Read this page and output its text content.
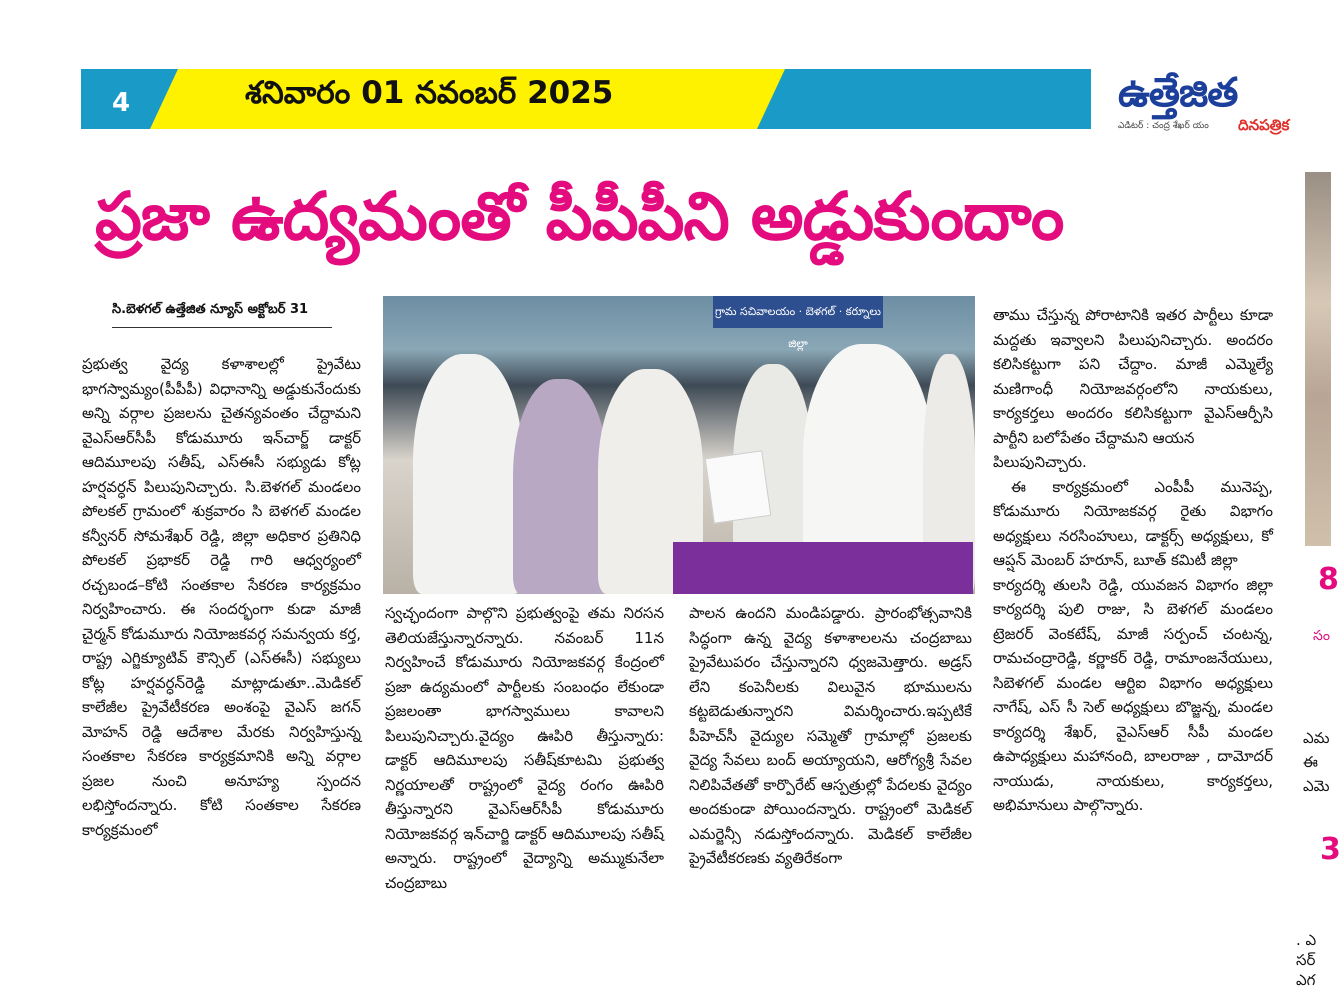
4	శనివారం 01 నవంబర్ 2025	ఉత్తేజిత
ఎడిటర్ : చంద్ర శేఖర్ యం దినపత్రిక
8
సం
ఎమ
ఈ
ఎమె
3
. ఎ
సర్
ఎగ
ప్రజా ఉద్యమంతో పీపీపీని అడ్డుకుందాం
సి.బెళగల్ ఉత్తేజిత న్యూస్ అక్టోబర్ 31	గ్రామ సచివాలయం · బెళగల్ · కర్నూలు జిల్లా

ప్రభుత్వ వైద్య కళాశాలల్లో ప్రైవేటు భాగస్వామ్యం(పీపీపీ) విధానాన్ని అడ్డుకునేందుకు అన్ని వర్గాల ప్రజలను చైతన్యవంతం చేద్దామని వైఎస్ఆర్‌సీపీ కోడుమూరు ఇన్‌చార్జ్ డాక్టర్ ఆదిమూలపు సతీష్, ఎస్ఈసీ సభ్యుడు కోట్ల హర్షవర్ధన్ పిలుపునిచ్చారు. సి.బెళగల్ మండలం పోలకల్ గ్రామంలో శుక్రవారం సి బెళగల్ మండల కన్వీనర్ సోమశేఖర్ రెడ్డి, జిల్లా అధికార ప్రతినిధి పోలకల్ ప్రభాకర్ రెడ్డి గారి ఆధ్వర్యంలో రచ్చబండ–కోటి సంతకాల సేకరణ కార్యక్రమం నిర్వహించారు. ఈ సందర్భంగా కుడా మాజీ చైర్మన్ కోడుమూరు నియోజకవర్గ సమన్వయ కర్త, రాష్ట్ర ఎగ్జిక్యూటివ్ కౌన్సిల్ (ఎస్ఈసీ) సభ్యులు కోట్ల హర్షవర్ధన్‌రెడ్డి మాట్లాడుతూ..మెడికల్ కాలేజీల ప్రైవేటీకరణ అంశంపై వైఎస్ జగన్ మోహన్ రెడ్డి ఆదేశాల మేరకు నిర్వహిస్తున్న సంతకాల సేకరణ కార్యక్రమానికి అన్ని వర్గాల ప్రజల నుంచి అనూహ్య స్పందన లభిస్తోందన్నారు. కోటి సంతకాల సేకరణ కార్యక్రమంలో

స్వచ్ఛందంగా పాల్గొని ప్రభుత్వంపై తమ నిరసన తెలియజేస్తున్నారన్నారు. నవంబర్ 11న నిర్వహించే కోడుమూరు నియోజకవర్గ కేంద్రంలో ప్రజా ఉద్యమంలో పార్టీలకు సంబంధం లేకుండా ప్రజలంతా భాగస్వాములు కావాలని పిలుపునిచ్చారు.వైద్యం ఊపిరి తీస్తున్నారు: డాక్టర్ ఆదిమూలపు సతీష్‌కూటమి ప్రభుత్వ నిర్ణయాలతో రాష్ట్రంలో వైద్య రంగం ఊపిరి తీస్తున్నారని వైఎస్ఆర్‌సీపీ కోడుమూరు నియోజకవర్గ ఇన్‌చార్జి డాక్టర్ ఆదిమూలపు సతీష్ అన్నారు. రాష్ట్రంలో వైద్యాన్ని అమ్ముకునేలా చంద్రబాబు

పాలన ఉందని మండిపడ్డారు. ప్రారంభోత్సవానికి సిద్ధంగా ఉన్న వైద్య కళాశాలలను చంద్రబాబు ప్రైవేటుపరం చేస్తున్నారని ధ్వజమెత్తారు. అడ్రస్ లేని కంపెనీలకు విలువైన భూములను కట్టబెడుతున్నారని విమర్శించారు.ఇప్పటికే పీహెచ్‌సీ వైద్యుల సమ్మెతో గ్రామాల్లో ప్రజలకు వైద్య సేవలు బంద్ అయ్యాయని, ఆరోగ్యశ్రీ సేవల నిలిపివేతతో కార్పొరేట్ ఆస్పత్రుల్లో పేదలకు వైద్యం అందకుండా పోయిందన్నారు. రాష్ట్రంలో మెడికల్ ఎమర్జెన్సీ నడుస్తోందన్నారు. మెడికల్ కాలేజీల ప్రైవేటీకరణకు వ్యతిరేకంగా

తాము చేస్తున్న పోరాటానికి ఇతర పార్టీలు కూడా మద్దతు ఇవ్వాలని పిలుపునిచ్చారు. అందరం కలిసికట్టుగా పని చేద్దాం. మాజీ ఎమ్మెల్యే మణిగాంధీ నియోజవర్గంలోని నాయకులు, కార్యకర్తలు అందరం కలిసికట్టుగా వైఎస్ఆర్పీసి పార్టీని బలోపేతం చేద్దామని ఆయన

పిలుపునిచ్చారు.

ఈ కార్యక్రమంలో ఎంపీపీ మునెప్ప, కోడుమూరు నియోజకవర్గ రైతు విభాగం అధ్యక్షులు నరసింహులు, డాక్టర్స్ అధ్యక్షులు, కో ఆప్షన్ మెంబర్ హరూన్, బూత్ కమిటీ జిల్లా

కార్యదర్శి తులసి రెడ్డి, యువజన విభాగం జిల్లా కార్యదర్శి పులి రాజు, సి బెళగల్ మండలం ట్రెజరర్ వెంకటేష్, మాజీ సర్పంచ్ చంటన్న, రామచంద్రారెడ్డి, కర్ణాకర్ రెడ్డి, రామాంజనేయులు, సిబెళగల్ మండల ఆర్టిఐ విభాగం అధ్యక్షులు నాగేష్, ఎస్ సీ సెల్ అధ్యక్షులు బొజ్జన్న, మండల కార్యదర్శి శేఖర్, వైఎస్ఆర్ సీపీ మండల ఉపాధ్యక్షులు మహానంది, బాలరాజు , దామోదర్ నాయుడు, నాయకులు, కార్యకర్తలు, అభిమానులు పాల్గొన్నారు.
